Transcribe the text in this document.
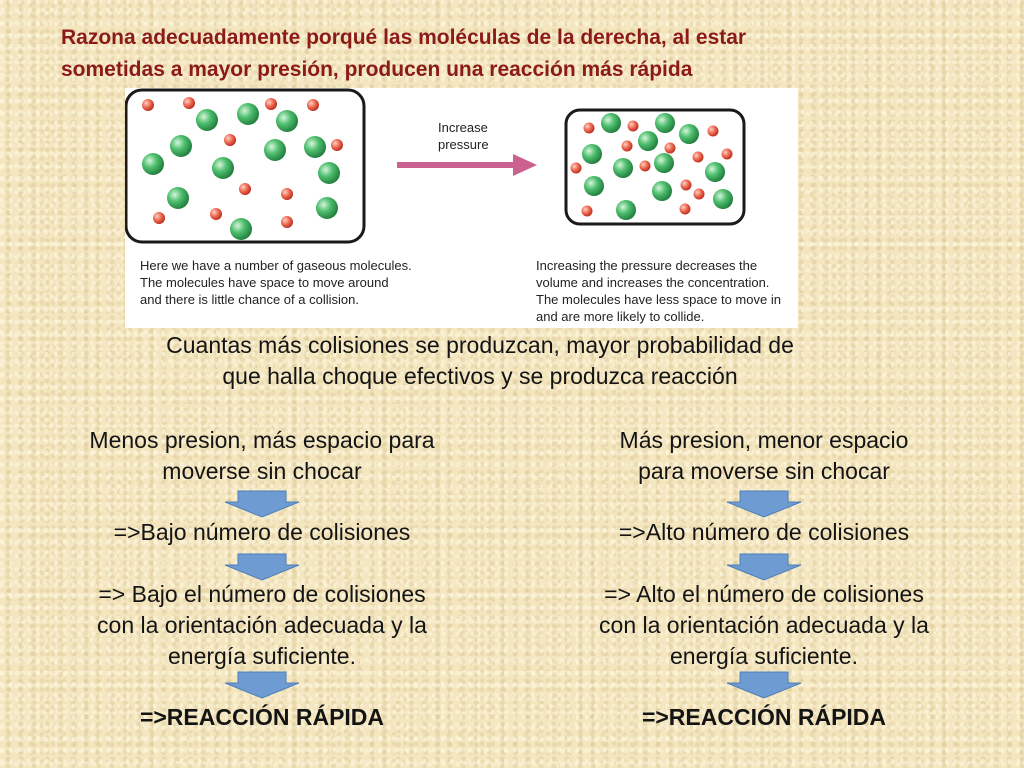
Razona adecuadamente porqué las moléculas de la derecha, al estar
sometidas a mayor presión, producen una reacción más rápida

Increase
pressure

Here we have a number of gaseous molecules.
The molecules have space to move around
and there is little chance of a collision.

Increasing the pressure decreases the
volume and increases the concentration.
The molecules have less space to move in
and are more likely to collide.

Cuantas más colisiones se produzcan, mayor probabilidad de
que halla choque efectivos y se produzca reacción

Menos presion, más espacio para
moverse sin chocar

=>Bajo número de colisiones

=> Bajo el número de colisiones
con la orientación adecuada y la
energía suficiente.

=>REACCIÓN RÁPIDA

Más presion, menor espacio
para moverse sin chocar

=>Alto número de colisiones

=> Alto el número de colisiones
con la orientación adecuada y la
energía suficiente.

=>REACCIÓN RÁPIDA
